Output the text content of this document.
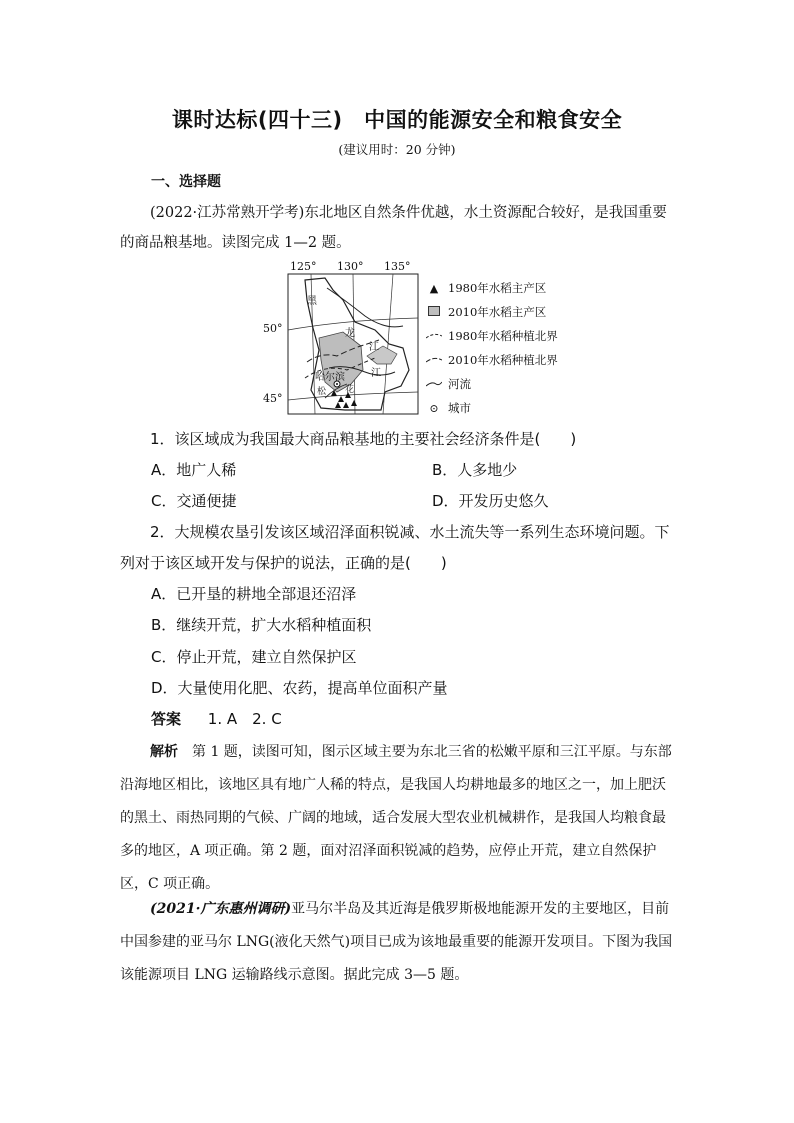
课时达标(四十三)　中国的能源安全和粮食安全
(建议用时：20 分钟)
一、选择题
(2022·江苏常熟开学考)东北地区自然条件优越，水土资源配合较好，是我国重要的商品粮基地。读图完成 1—2 题。
125° 130° 135°
50°
45°
黑
龙
江
江
哈尔滨
松 花
▲ 1980年水稻主产区
2010年水稻主产区
1980年水稻种植北界
2010年水稻种植北界
河流
⊙ 城市
1．该区域成为我国最大商品粮基地的主要社会经济条件是(　　)
A．地广人稀	B．人多地少
C．交通便捷	D．开发历史悠久
2．大规模农垦引发该区域沼泽面积锐减、水土流失等一系列生态环境问题。下列对于该区域开发与保护的说法，正确的是(　　)
A．已开垦的耕地全部退还沼泽
B．继续开荒，扩大水稻种植面积
C．停止开荒，建立自然保护区
D．大量使用化肥、农药，提高单位面积产量
答案 1. A　2. C
解析　 第 1 题，读图可知，图示区域主要为东北三省的松嫩平原和三江平原。与东部沿海地区相比，该地区具有地广人稀的特点，是我国人均耕地最多的地区之一，加上肥沃的黑土、雨热同期的气候、广阔的地域，适合发展大型农业机械耕作，是我国人均粮食最多的地区，A 项正确。第 2 题，面对沼泽面积锐减的趋势，应停止开荒，建立自然保护区，C 项正确。
(2021·广东惠州调研)亚马尔半岛及其近海是俄罗斯极地能源开发的主要地区，目前中国参建的亚马尔 LNG(液化天然气)项目已成为该地最重要的能源开发项目。下图为我国该能源项目 LNG 运输路线示意图。据此完成 3—5 题。
